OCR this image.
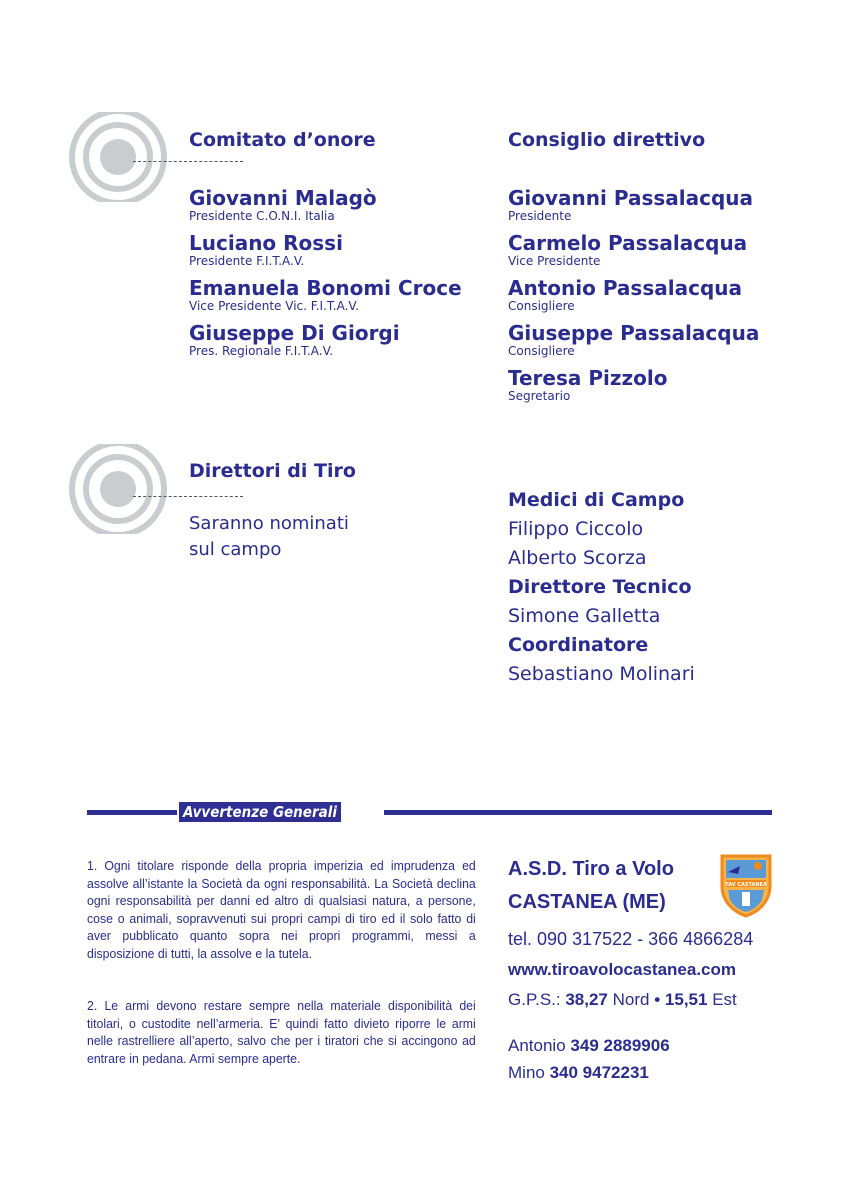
Comitato d’onore
Giovanni Malagò
Presidente C.O.N.I. Italia
Luciano Rossi
Presidente F.I.T.A.V.
Emanuela Bonomi Croce
Vice Presidente Vic. F.I.T.A.V.
Giuseppe Di Giorgi
Pres. Regionale F.I.T.A.V.
Consiglio direttivo
Giovanni Passalacqua
Presidente
Carmelo Passalacqua
Vice Presidente
Antonio Passalacqua
Consigliere
Giuseppe Passalacqua
Consigliere
Teresa Pizzolo
Segretario
Direttori di Tiro
Saranno nominati
sul campo
Medici di Campo
Filippo Ciccolo
Alberto Scorza
Direttore Tecnico
Simone Galletta
Coordinatore
Sebastiano Molinari
Avvertenze Generali
1. Ogni titolare risponde della propria imperizia ed imprudenza ed assolve all’istante la Società da ogni responsabilità. La Società declina ogni responsabilità per danni ed altro di qualsiasi natura, a persone, cose o animali, sopravvenuti sui propri campi di tiro ed il solo fatto di aver pubblicato quanto sopra nei propri programmi, messi a disposizione di tutti, la assolve e la tutela.
2. Le armi devono restare sempre nella materiale disponibilità dei titolari, o custodite nell’armeria. E’ quindi fatto divieto riporre le armi nelle rastrelliere all’aperto, salvo che per i tiratori che si accingono ad entrare in pedana. Armi sempre aperte.
A.S.D. Tiro a Volo
CASTANEA (ME)
tel. 090 317522 - 366 4866284
www.tiroavolocastanea.com
G.P.S.: 38,27 Nord • 15,51 Est
Antonio 349 2889906
Mino 340 9472231
TAV CASTANEA
